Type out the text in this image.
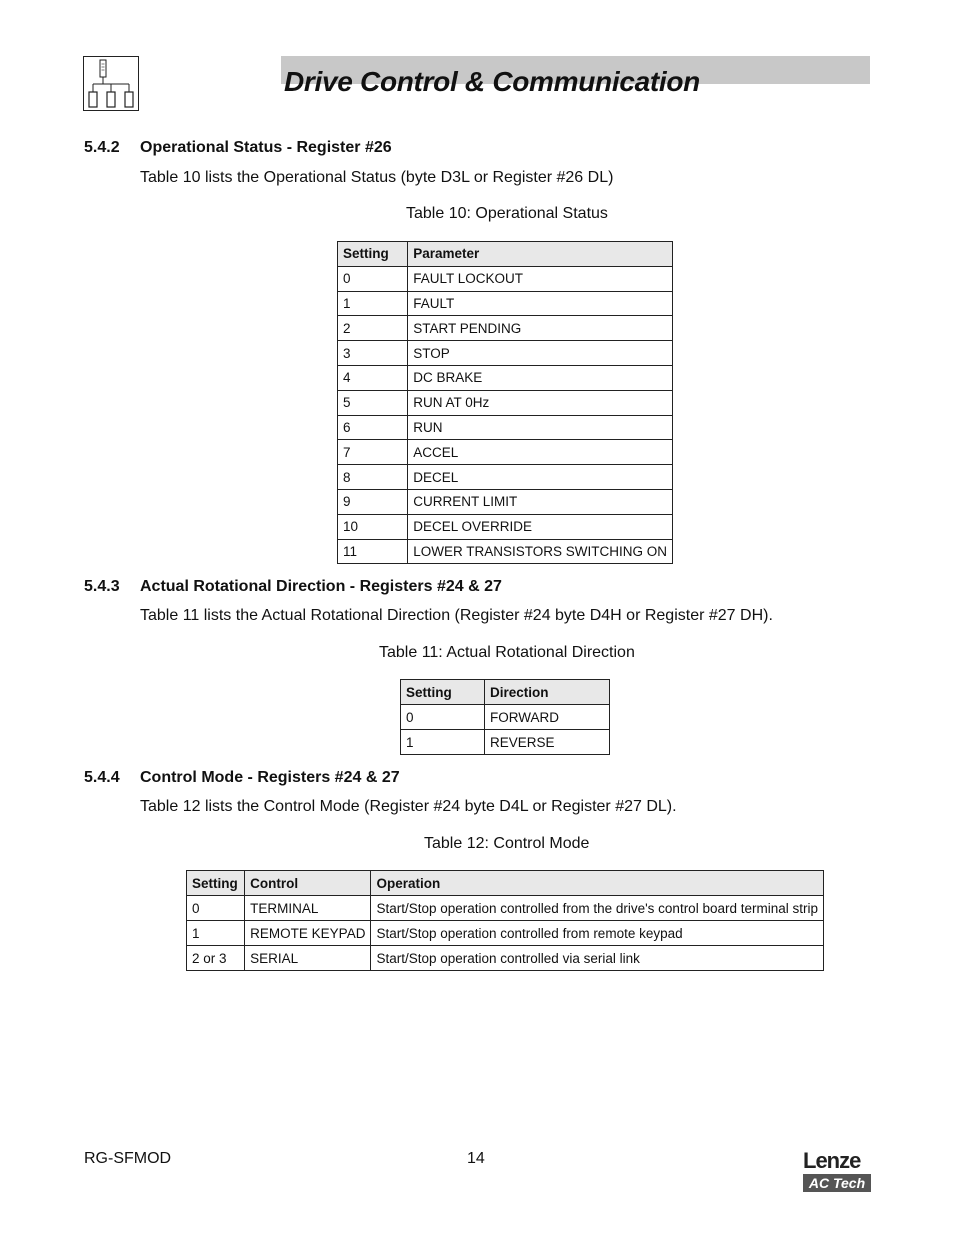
Drive Control & Communication
5.4.2 Operational Status - Register #26
Table 10 lists the Operational Status (byte D3L or Register #26 DL)
Table 10: Operational Status
Setting	Parameter
0	FAULT LOCKOUT
1	FAULT
2	START PENDING
3	STOP
4	DC BRAKE
5	RUN AT 0Hz
6	RUN
7	ACCEL
8	DECEL
9	CURRENT LIMIT
10	DECEL OVERRIDE
11	LOWER TRANSISTORS SWITCHING ON
5.4.3 Actual Rotational Direction - Registers #24 & 27
Table 11 lists the Actual Rotational Direction (Register #24 byte D4H or Register #27 DH).
Table 11: Actual Rotational Direction
Setting	Direction
0	FORWARD
1	REVERSE
5.4.4 Control Mode - Registers #24 & 27
Table 12 lists the Control Mode (Register #24 byte D4L or Register #27 DL).
Table 12: Control Mode
Setting	Control	Operation
0	TERMINAL	Start/Stop operation controlled from the drive's control board terminal strip
1	REMOTE KEYPAD	Start/Stop operation controlled from remote keypad
2 or 3	SERIAL	Start/Stop operation controlled via serial link
RG-SFMOD	14	Lenze
AC Tech
